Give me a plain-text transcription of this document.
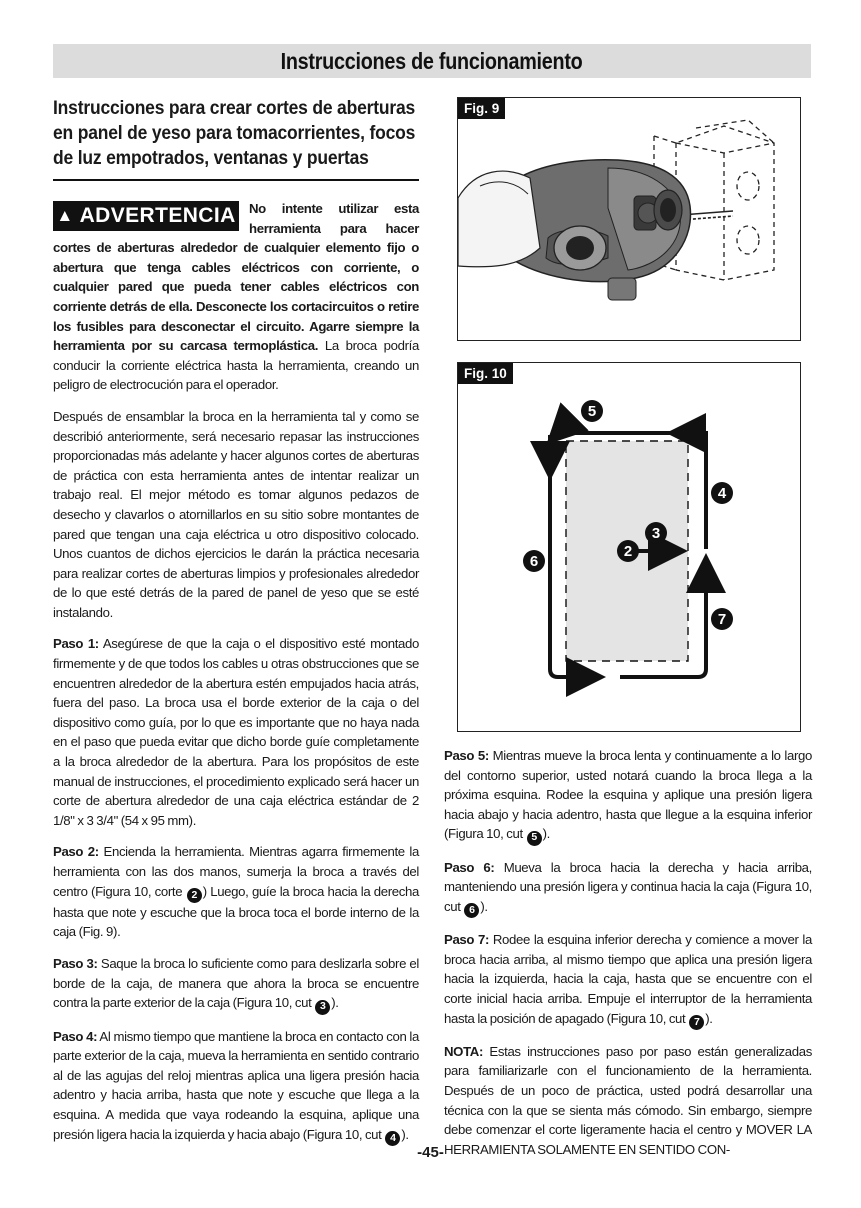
Instrucciones de funcionamiento

Instrucciones para crear cortes de aberturas

en panel de yeso para tomacorrientes, focos

de luz empotrados, ventanas y puertas

▲ ADVERTENCIA	No intente utilizar esta herramienta para hacer cortes de aberturas alrededor de cualquier elemento fijo o abertura que tenga cables eléctricos con corriente, o cualquier pared que pueda tener cables eléctricos con corriente detrás de ella. Desconecte los cortacircuitos o retire los fusibles para desconectar el circuito. Agarre siempre la herramienta por su carcasa termoplástica. La broca podría conducir la corriente eléctrica hasta la herramienta, creando un peligro de electrocución para el operador.

Después de ensamblar la broca en la herramienta tal y como se describió anteriormente, será necesario repasar las instrucciones proporcionadas más adelante y hacer algunos cortes de aberturas de práctica con esta herramienta antes de intentar realizar un trabajo real. El mejor método es tomar algunos pedazos de desecho y clavarlos o atornillarlos en su sitio sobre montantes de pared que tengan una caja eléctrica u otro dispositivo colocado. Unos cuantos de dichos ejercicios le darán la práctica necesaria para realizar cortes de aberturas limpios y profesionales alrededor de lo que esté detrás de la pared de panel de yeso que se esté instalando.

Paso 1: Asegúrese de que la caja o el dispositivo esté montado firmemente y de que todos los cables u otras obstrucciones que se encuentren alrededor de la abertura estén empujados hacia atrás, fuera del paso. La broca usa el borde exterior de la caja o del dispositivo como guía, por lo que es importante que no haya nada en el paso que pueda evitar que dicho borde guíe completamente a la broca alrededor de la abertura. Para los propósitos de este manual de instrucciones, el procedimiento explicado será hacer un corte de abertura alrededor de una caja eléctrica estándar de 2 1/8" x 3 3/4" (54 x 95 mm).

Paso 2: Encienda la herramienta. Mientras agarra firmemente la herramienta con las dos manos, sumerja la broca a través del centro (Figura 10, corte 2 ) Luego, guíe la broca hacia la derecha hasta que note y escuche que la broca toca el borde interno de la caja (Fig. 9).

Paso 3: Saque la broca lo suficiente como para deslizarla sobre el borde de la caja, de manera que ahora la broca se encuentre contra la parte exterior de la caja (Figura 10, cut 3 ).

Paso 4: Al mismo tiempo que mantiene la broca en contacto con la parte exterior de la caja, mueva la herramienta en sentido contrario al de las agujas del reloj mientras aplica una ligera presión hacia adentro y hacia arriba, hasta que note y escuche que llega a la esquina. A medida que vaya rodeando la esquina, aplique una presión ligera hacia la izquierda y hacia abajo (Figura 10, cut 4 ).

Fig. 9
Fig. 10
5
4
3
2
6
7

Paso 5: Mientras mueve la broca lenta y continuamente a lo largo del contorno superior, usted notará cuando la broca llega a la próxima esquina. Rodee la esquina y aplique una presión ligera hacia abajo y hacia adentro, hasta que llegue a la esquina inferior (Figura 10, cut 5 ).

Paso 6: Mueva la broca hacia la derecha y hacia arriba, manteniendo una presión ligera y continua hacia la caja (Figura 10, cut 6 ).

Paso 7: Rodee la esquina inferior derecha y comience a mover la broca hacia arriba, al mismo tiempo que aplica una presión ligera hacia la izquierda, hacia la caja, hasta que se encuentre con el corte inicial hacia arriba. Empuje el interruptor de la herramienta hasta la posición de apagado (Figura 10, cut 7 ).

NOTA: Estas instrucciones paso por paso están generalizadas para familiarizarle con el funcionamiento de la herramienta. Después de un poco de práctica, usted podrá desarrollar una técnica con la que se sienta más cómodo. Sin embargo, siempre debe comenzar el corte ligeramente hacia el centro y MOVER LA HERRAMIENTA SOLAMENTE EN SENTIDO CON-

-45-
